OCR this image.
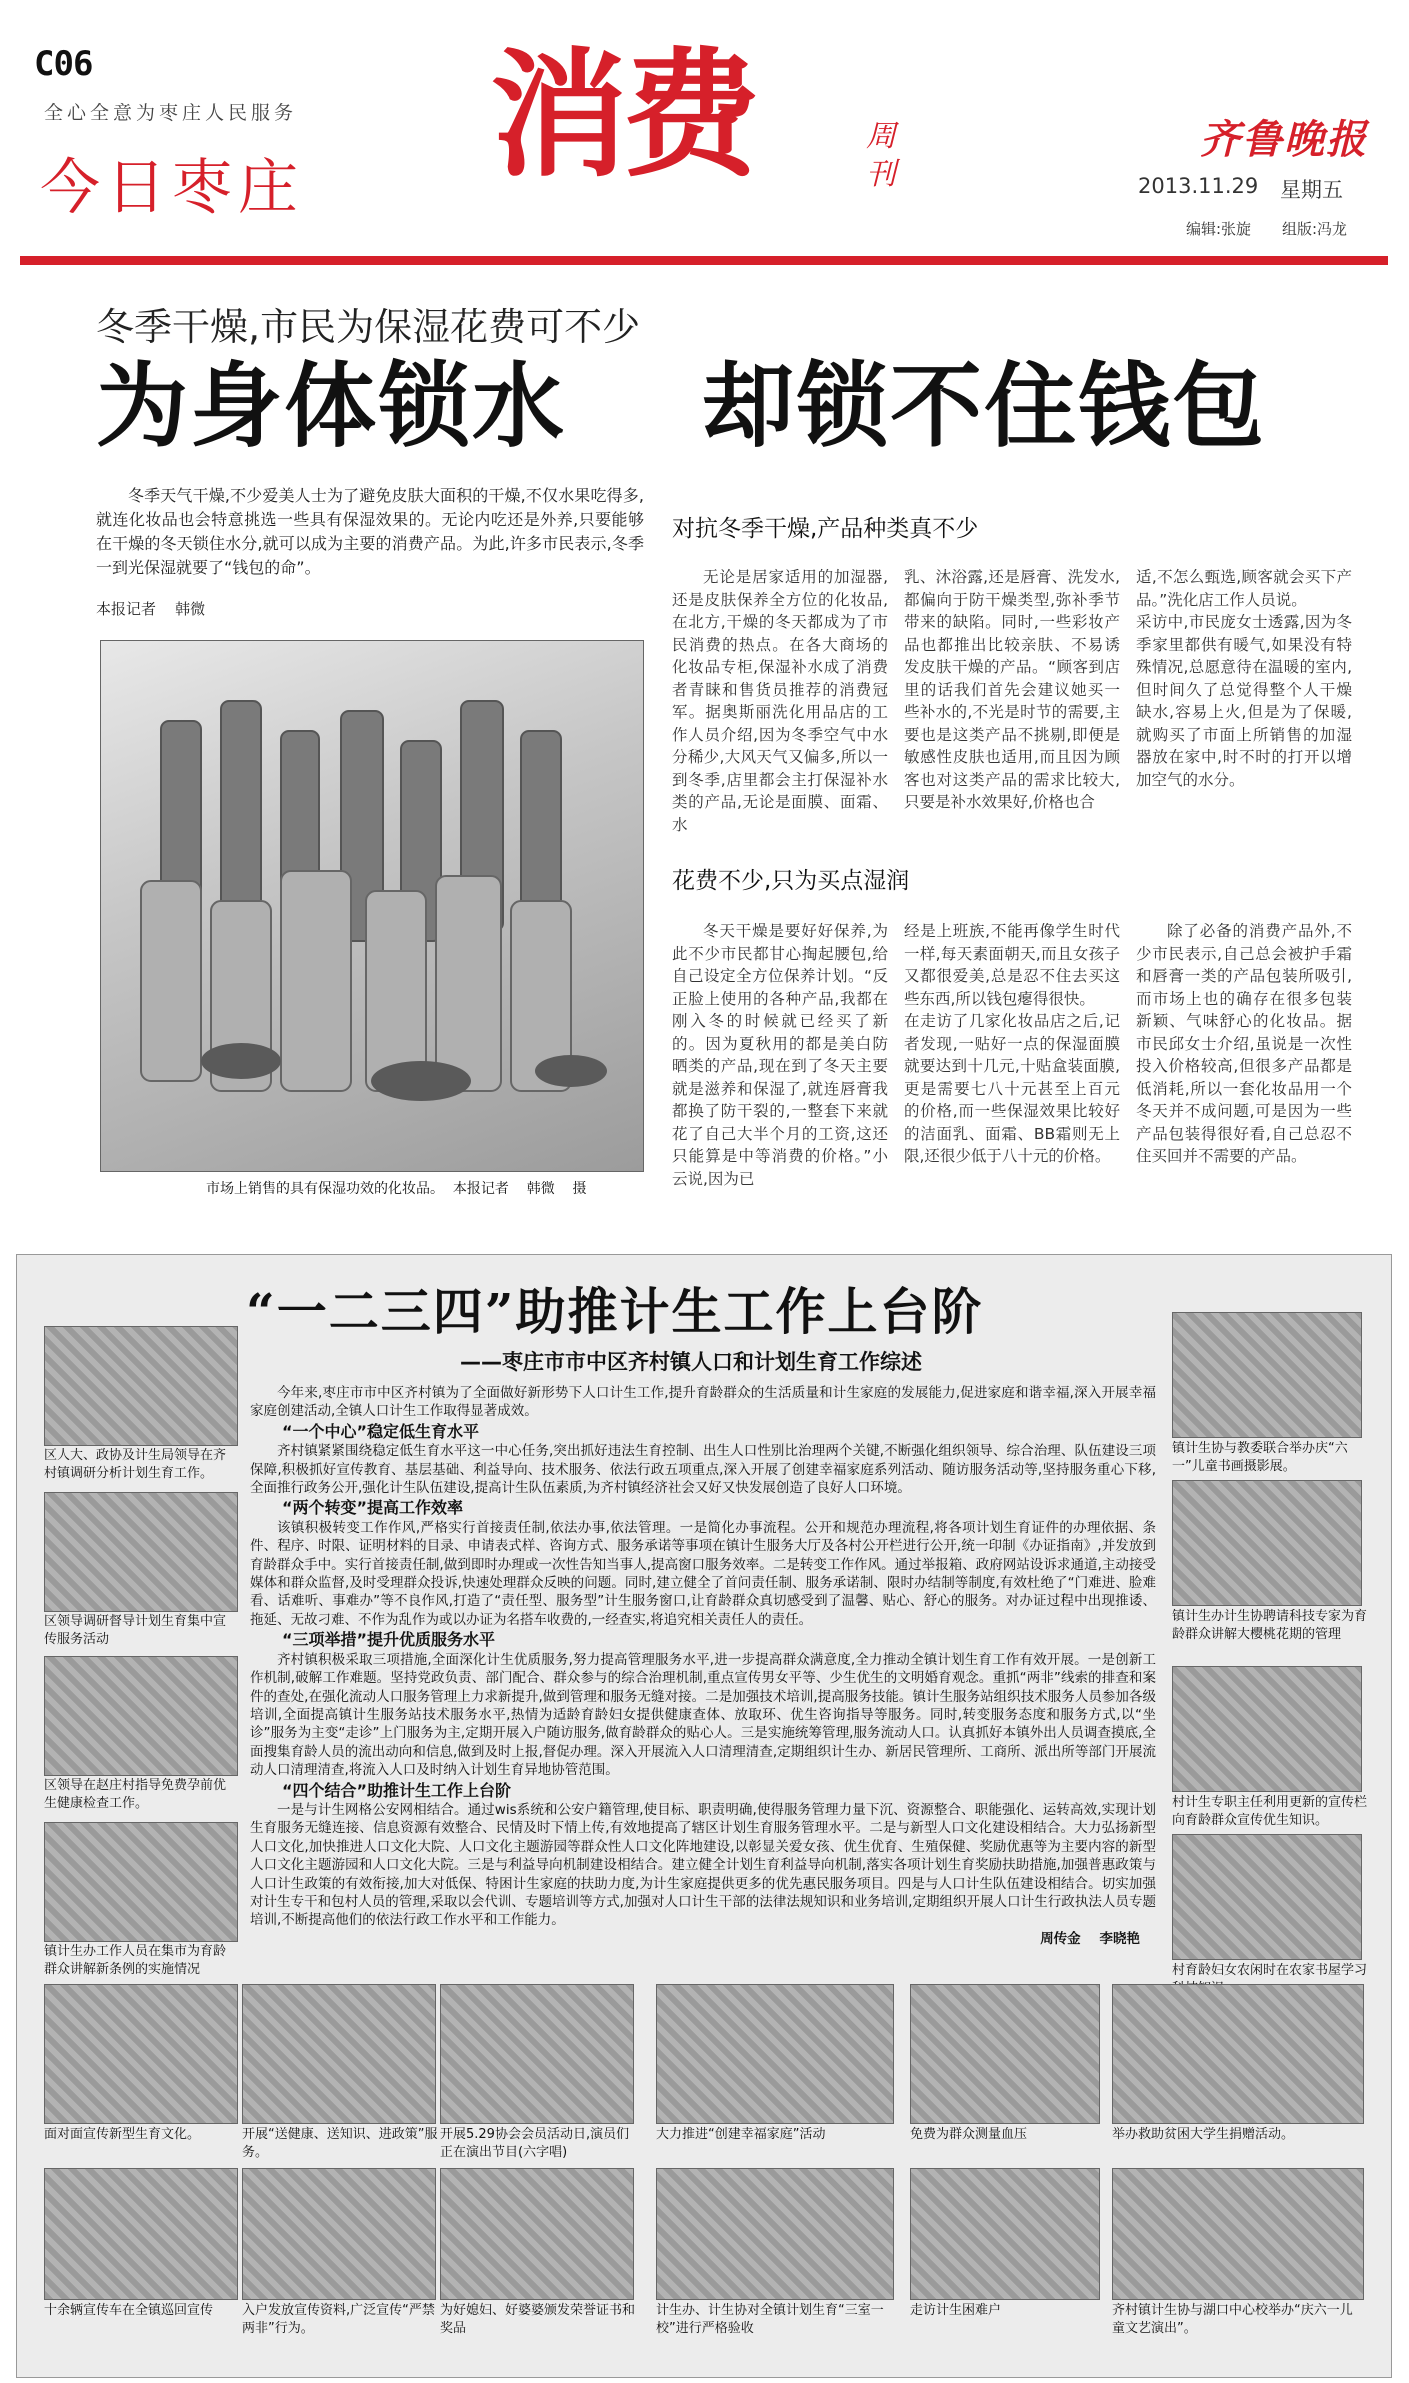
C06
全心全意为枣庄人民服务
今日枣庄 消费	周刊
齐鲁晚报
2013.11.29 星期五
编辑:张旋 组版:冯龙
冬季干燥,市民为保湿花费可不少
为身体锁水    却锁不住钱包

冬季天气干燥,不少爱美人士为了避免皮肤大面积的干燥,不仅水果吃得多,就连化妆品也会特意挑选一些具有保湿效果的。无论内吃还是外养,只要能够在干燥的冬天锁住水分,就可以成为主要的消费产品。为此,许多市民表示,冬季一到光保湿就要了“钱包的命”。

本报记者    韩微
市场上销售的具有保湿功效的化妆品。  本报记者    韩微    摄
对抗冬季干燥,产品种类真不少

无论是居家适用的加湿器,还是皮肤保养全方位的化妆品,在北方,干燥的冬天都成为了市民消费的热点。在各大商场的化妆品专柜,保湿补水成了消费者青睐和售货员推荐的消费冠军。据奥斯丽洗化用品店的工作人员介绍,因为冬季空气中水分稀少,大风天气又偏多,所以一到冬季,店里都会主打保湿补水类的产品,无论是面膜、面霜、水

乳、沐浴露,还是唇膏、洗发水,都偏向于防干燥类型,弥补季节带来的缺陷。同时,一些彩妆产品也都推出比较亲肤、不易诱发皮肤干燥的产品。“顾客到店里的话我们首先会建议她买一些补水的,不光是时节的需要,主要也是这类产品不挑剔,即便是敏感性皮肤也适用,而且因为顾客也对这类产品的需求比较大,只要是补水效果好,价格也合

适,不怎么甄选,顾客就会买下产品。”洗化店工作人员说。
采访中,市民庞女士透露,因为冬季家里都供有暖气,如果没有特殊情况,总愿意待在温暖的室内,但时间久了总觉得整个人干燥缺水,容易上火,但是为了保暖,就购买了市面上所销售的加湿器放在家中,时不时的打开以增加空气的水分。

花费不少,只为买点湿润

冬天干燥是要好好保养,为此不少市民都甘心掏起腰包,给自己设定全方位保养计划。“反正脸上使用的各种产品,我都在刚入冬的时候就已经买了新的。因为夏秋用的都是美白防晒类的产品,现在到了冬天主要就是滋养和保湿了,就连唇膏我都换了防干裂的,一整套下来就花了自己大半个月的工资,这还只能算是中等消费的价格。”小云说,因为已

经是上班族,不能再像学生时代一样,每天素面朝天,而且女孩子又都很爱美,总是忍不住去买这些东西,所以钱包瘪得很快。
在走访了几家化妆品店之后,记者发现,一贴好一点的保湿面膜就要达到十几元,十贴盒装面膜,更是需要七八十元甚至上百元的价格,而一些保湿效果比较好的洁面乳、面霜、BB霜则无上限,还很少低于八十元的价格。

除了必备的消费产品外,不少市民表示,自己总会被护手霜和唇膏一类的产品包装所吸引,而市场上也的确存在很多包装新颖、气味舒心的化妆品。据市民邱女士介绍,虽说是一次性投入价格较高,但很多产品都是低消耗,所以一套化妆品用一个冬天并不成问题,可是因为一些产品包装得很好看,自己总忍不住买回并不需要的产品。

“一二三四”助推计生工作上台阶
——枣庄市市中区齐村镇人口和计划生育工作综述
区人大、政协及计生局领导在齐村镇调研分析计划生育工作。
区领导调研督导计划生育集中宣传服务活动
区领导在赵庄村指导免费孕前优生健康检查工作。
镇计生办工作人员在集市为育龄群众讲解新条例的实施情况
镇计生协与教委联合举办庆“六一”儿童书画摄影展。
镇计生办计生协聘请科技专家为育龄群众讲解大樱桃花期的管理
村计生专职主任利用更新的宣传栏向育龄群众宣传优生知识。
村育龄妇女农闲时在农家书屋学习

今年来,枣庄市市中区齐村镇为了全面做好新形势下人口计生工作,提升育龄群众的生活质量和计生家庭的发展能力,促进家庭和谐幸福,深入开展幸福家庭创建活动,全镇人口计生工作取得显著成效。

“一个中心”稳定低生育水平

齐村镇紧紧围绕稳定低生育水平这一中心任务,突出抓好违法生育控制、出生人口性别比治理两个关键,不断强化组织领导、综合治理、队伍建设三项保障,积极抓好宣传教育、基层基础、利益导向、技术服务、依法行政五项重点,深入开展了创建幸福家庭系列活动、随访服务活动等,坚持服务重心下移,全面推行政务公开,强化计生队伍建设,提高计生队伍素质,为齐村镇经济社会又好又快发展创造了良好人口环境。

“两个转变”提高工作效率

该镇积极转变工作作风,严格实行首接责任制,依法办事,依法管理。一是简化办事流程。公开和规范办理流程,将各项计划生育证件的办理依据、条件、程序、时限、证明材料的目录、申请表式样、咨询方式、服务承诺等事项在镇计生服务大厅及各村公开栏进行公开,统一印制《办证指南》,并发放到育龄群众手中。实行首接责任制,做到即时办理或一次性告知当事人,提高窗口服务效率。二是转变工作作风。通过举报箱、政府网站设诉求通道,主动接受媒体和群众监督,及时受理群众投诉,快速处理群众反映的问题。同时,建立健全了首问责任制、服务承诺制、限时办结制等制度,有效杜绝了“门难进、脸难看、话难听、事难办”等不良作风,打造了“责任型、服务型”计生服务窗口,让育龄群众真切感受到了温馨、贴心、舒心的服务。对办证过程中出现推诿、拖延、无故刁难、不作为乱作为或以办证为名搭车收费的,一经查实,将追究相关责任人的责任。

“三项举措”提升优质服务水平

齐村镇积极采取三项措施,全面深化计生优质服务,努力提高管理服务水平,进一步提高群众满意度,全力推动全镇计划生育工作有效开展。一是创新工作机制,破解工作难题。坚持党政负责、部门配合、群众参与的综合治理机制,重点宣传男女平等、少生优生的文明婚育观念。重抓“两非”线索的排查和案件的查处,在强化流动人口服务管理上力求新提升,做到管理和服务无缝对接。二是加强技术培训,提高服务技能。镇计生服务站组织技术服务人员参加各级培训,全面提高镇计生服务站技术服务水平,热情为适龄育龄妇女提供健康查体、放取环、优生咨询指导等服务。同时,转变服务态度和服务方式,以“坐诊”服务为主变“走诊”上门服务为主,定期开展入户随访服务,做育龄群众的贴心人。三是实施统筹管理,服务流动人口。认真抓好本镇外出人员调查摸底,全面搜集育龄人员的流出动向和信息,做到及时上报,督促办理。深入开展流入人口清理清查,定期组织计生办、新居民管理所、工商所、派出所等部门开展流动人口清理清查,将流入人口及时纳入计划生育异地协管范围。

“四个结合”助推计生工作上台阶

一是与计生网格公安网相结合。通过wis系统和公安户籍管理,使目标、职责明确,使得服务管理力量下沉、资源整合、职能强化、运转高效,实现计划生育服务无缝连接、信息资源有效整合、民情及时下情上传,有效地提高了辖区计划生育服务管理水平。二是与新型人口文化建设相结合。大力弘扬新型人口文化,加快推进人口文化大院、人口文化主题游园等群众性人口文化阵地建设,以彰显关爱女孩、优生优育、生殖保健、奖励优惠等为主要内容的新型人口文化主题游园和人口文化大院。三是与利益导向机制建设相结合。建立健全计划生育利益导向机制,落实各项计划生育奖励扶助措施,加强普惠政策与人口计生政策的有效衔接,加大对低保、特困计生家庭的扶助力度,为计生家庭提供更多的优先惠民服务项目。四是与人口计生队伍建设相结合。切实加强对计生专干和包村人员的管理,采取以会代训、专题培训等方式,加强对人口计生干部的法律法规知识和业务培训,定期组织开展人口计生行政执法人员专题培训,不断提高他们的依法行政工作水平和工作能力。

周传金    李晓艳
面对面宣传新型生育文化。	开展“送健康、送知识、进政策”服务。
开展5.29协会会员活动日,演员们正在演出节目(六字唱)
大力推进“创建幸福家庭”活动	免费为群众测量血压	举办救助贫困大学生捐赠活动。
十余辆宣传车在全镇巡回宣传	入户发放宣传资料,广泛宣传“严禁两非”行为。
为好媳妇、好婆婆颁发荣誉证书和奖品
计生办、计生协对全镇计划生育“三室一校”进行严格验收
走访计生困难户	齐村镇计生协与湖口中心校举办“庆六一儿童文艺演出”。
